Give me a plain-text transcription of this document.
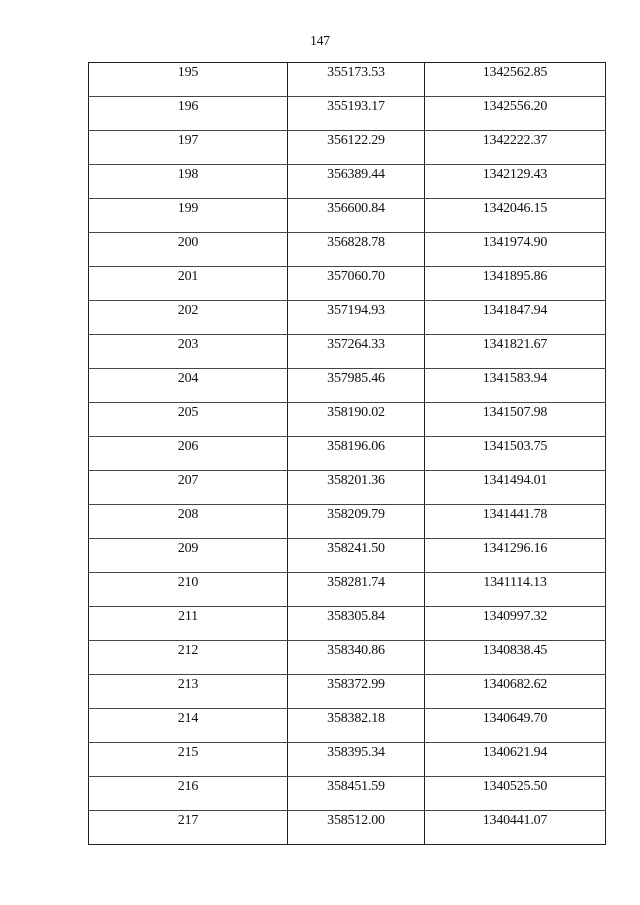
147
195	355173.53	1342562.85
196	355193.17	1342556.20
197	356122.29	1342222.37
198	356389.44	1342129.43
199	356600.84	1342046.15
200	356828.78	1341974.90
201	357060.70	1341895.86
202	357194.93	1341847.94
203	357264.33	1341821.67
204	357985.46	1341583.94
205	358190.02	1341507.98
206	358196.06	1341503.75
207	358201.36	1341494.01
208	358209.79	1341441.78
209	358241.50	1341296.16
210	358281.74	1341114.13
211	358305.84	1340997.32
212	358340.86	1340838.45
213	358372.99	1340682.62
214	358382.18	1340649.70
215	358395.34	1340621.94
216	358451.59	1340525.50
217	358512.00	1340441.07
